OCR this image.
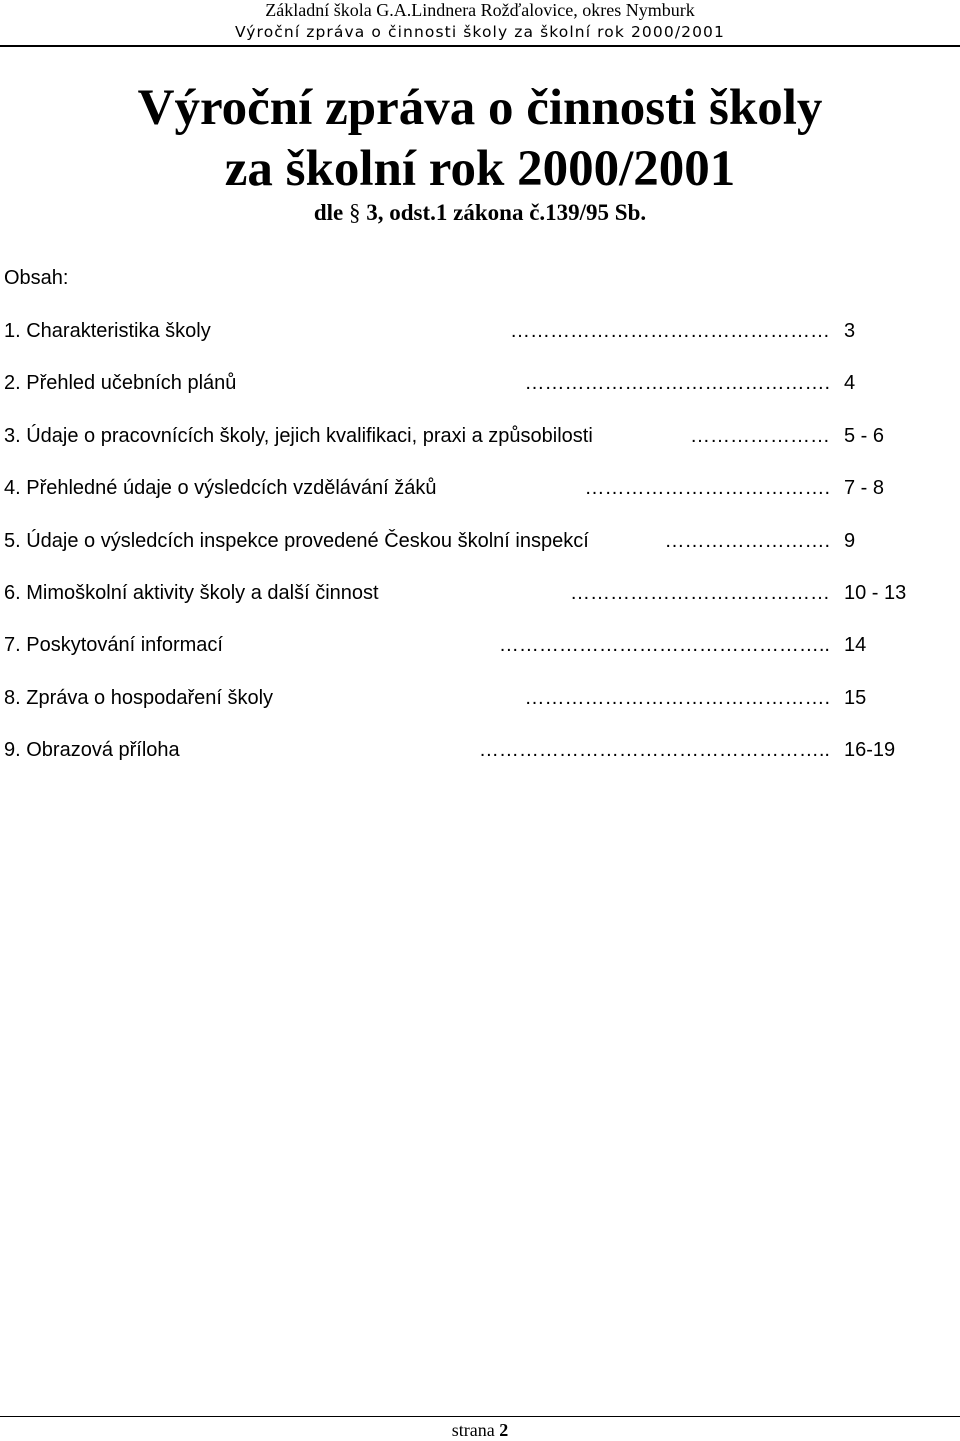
Základní škola G.A.Lindnera Rožďalovice, okres Nymburk
Výroční zpráva o činnosti školy za školní rok 2000/2001
Výroční zpráva o činnosti školy
za školní rok 2000/2001
dle § 3, odst.1 zákona č.139/95 Sb.
Obsah:
1. Charakteristika školy	………………………………………… 3
2. Přehled učebních plánů	………………………………………. 4
3. Údaje o pracovnících školy, jejich kvalifikaci, praxi a způsobilosti	………………… 5 - 6
4. Přehledné údaje o výsledcích vzdělávání žáků	………………………………. 7 - 8
5. Údaje o výsledcích inspekce provedené Českou školní inspekcí	……………………. 9
6. Mimoškolní aktivity školy a další činnost	………………………………… 10 - 13
7. Poskytování informací	………………………………………….. 14
8. Zpráva o hospodaření školy	………………………………………. 15
9. Obrazová příloha	…………………………………………….. 16-19
strana 2
